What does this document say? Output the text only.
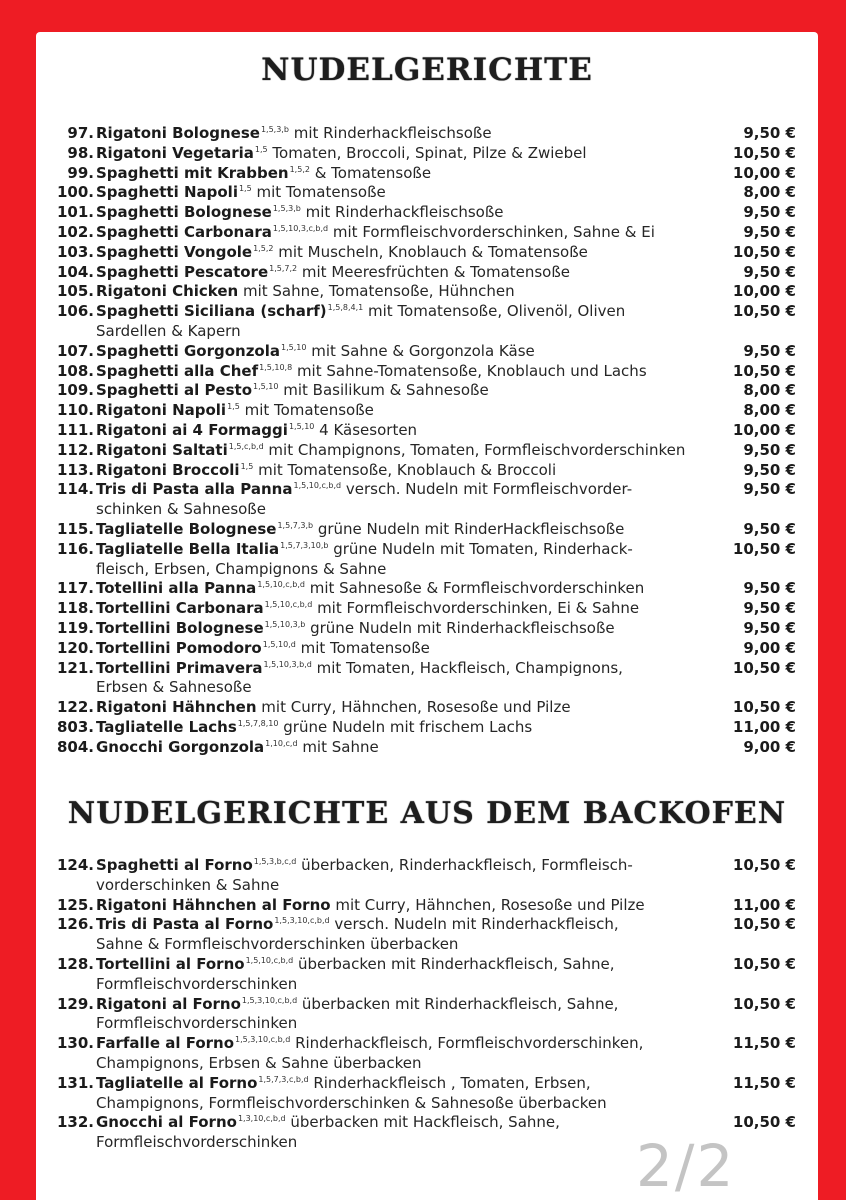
NUDELGERICHTE
97. Rigatoni Bolognese$^{1,5,3,b}$ mit Rinderhackfleischsoße	9,50 €
98. Rigatoni Vegetaria$^{1,5}$ Tomaten, Broccoli, Spinat, Pilze & Zwiebel	10,50 €
99. Spaghetti mit Krabben$^{1,5,2}$ & Tomatensoße	10,00 €
100. Spaghetti Napoli$^{1,5}$ mit Tomatensoße	8,00 €
101. Spaghetti Bolognese$^{1,5,3,b}$ mit Rinderhackfleischsoße	9,50 €
102. Spaghetti Carbonara$^{1,5,10,3,c,b,d}$ mit Formfleischvorderschinken, Sahne & Ei	9,50 €
103. Spaghetti Vongole$^{1,5,2}$ mit Muscheln, Knoblauch & Tomatensoße	10,50 €
104. Spaghetti Pescatore$^{1,5,7,2}$ mit Meeresfrüchten & Tomatensoße	9,50 €
105. Rigatoni Chicken mit Sahne, Tomatensoße, Hühnchen	10,00 €
106. Spaghetti Siciliana (scharf)$^{1,5,8,4,1}$ mit Tomatensoße, Olivenöl, Oliven	10,50 €
Sardellen & Kapern
107. Spaghetti Gorgonzola$^{1,5,10}$ mit Sahne & Gorgonzola Käse	9,50 €
108. Spaghetti alla Chef$^{1,5,10,8}$ mit Sahne-Tomatensoße, Knoblauch und Lachs	10,50 €
109. Spaghetti al Pesto$^{1,5,10}$ mit Basilikum & Sahnesoße	8,00 €
110. Rigatoni Napoli$^{1,5}$ mit Tomatensoße	8,00 €
111. Rigatoni ai 4 Formaggi$^{1,5,10}$ 4 Käsesorten	10,00 €
112. Rigatoni Saltati$^{1,5,c,b,d}$ mit Champignons, Tomaten, Formfleischvorderschinken	9,50 €
113. Rigatoni Broccoli$^{1,5}$ mit Tomatensoße, Knoblauch & Broccoli	9,50 €
114. Tris di Pasta alla Panna$^{1,5,10,c,b,d}$ versch. Nudeln mit Formfleischvorder-	9,50 €
schinken & Sahnesoße
115. Tagliatelle Bolognese$^{1,5,7,3,b}$ grüne Nudeln mit RinderHackfleischsoße	9,50 €
116. Tagliatelle Bella Italia$^{1,5,7,3,10,b}$ grüne Nudeln mit Tomaten, Rinderhack-	10,50 €
fleisch, Erbsen, Champignons & Sahne
117. Totellini alla Panna$^{1,5,10,c,b,d}$ mit Sahnesoße & Formfleischvorderschinken	9,50 €
118. Tortellini Carbonara$^{1,5,10,c,b,d}$ mit Formfleischvorderschinken, Ei & Sahne	9,50 €
119. Tortellini Bolognese$^{1,5,10,3,b}$ grüne Nudeln mit Rinderhackfleischsoße	9,50 €
120. Tortellini Pomodoro$^{1,5,10,d}$ mit Tomatensoße	9,00 €
121. Tortellini Primavera$^{1,5,10,3,b,d}$ mit Tomaten, Hackfleisch, Champignons,	10,50 €
Erbsen & Sahnesoße
122. Rigatoni Hähnchen mit Curry, Hähnchen, Rosesoße und Pilze	10,50 €
803. Tagliatelle Lachs$^{1,5,7,8,10}$ grüne Nudeln mit frischem Lachs	11,00 €
804. Gnocchi Gorgonzola$^{1,10,c,d}$ mit Sahne	9,00 €
NUDELGERICHTE AUS DEM BACKOFEN
124. Spaghetti al Forno$^{1,5,3,b,c,d}$ überbacken, Rinderhackfleisch, Formfleisch-	10,50 €
vorderschinken & Sahne
125. Rigatoni Hähnchen al Forno mit Curry, Hähnchen, Rosesoße und Pilze	11,00 €
126. Tris di Pasta al Forno$^{1,5,3,10,c,b,d}$ versch. Nudeln mit Rinderhackfleisch,	10,50 €
Sahne & Formfleischvorderschinken überbacken
128. Tortellini al Forno$^{1,5,10,c,b,d}$ überbacken mit Rinderhackfleisch, Sahne,	10,50 €
Formfleischvorderschinken
129. Rigatoni al Forno$^{1,5,3,10,c,b,d}$ überbacken mit Rinderhackfleisch, Sahne,	10,50 €
Formfleischvorderschinken
130. Farfalle al Forno$^{1,5,3,10,c,b,d}$ Rinderhackfleisch, Formfleischvorderschinken,	11,50 €
Champignons, Erbsen & Sahne überbacken
131. Tagliatelle al Forno$^{1,5,7,3,c,b,d}$ Rinderhackfleisch , Tomaten, Erbsen,	11,50 €
Champignons, Formfleischvorderschinken & Sahnesoße überbacken
132. Gnocchi al Forno$^{1,3,10,c,b,d}$ überbacken mit Hackfleisch, Sahne,	10,50 €
Formfleischvorderschinken	2/2
